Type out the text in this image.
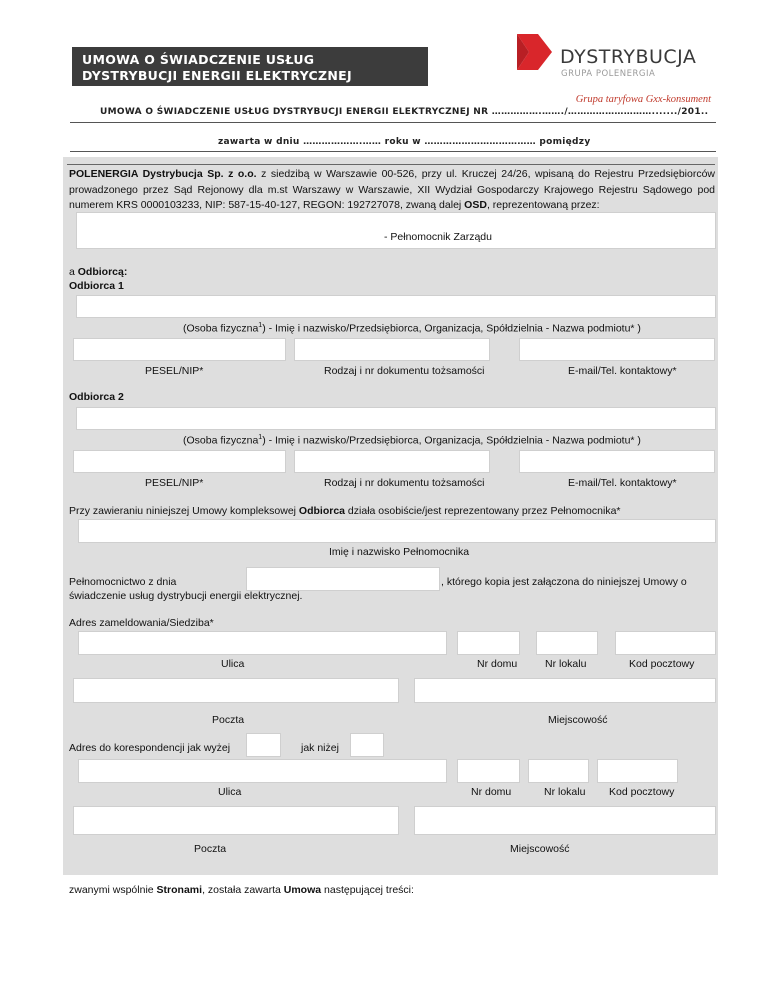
UMOWA O ŚWIADCZENIE USŁUG
DYSTRYBUCJI ENERGII ELEKTRYCZNEJ
DYSTRYBUCJA
GRUPA POLENERGIA
Grupa taryfowa Gxx-konsument
UMOWA O ŚWIADCZENIE USŁUG DYSTRYBUCJI ENERGII ELEKTRYCZNEJ NR …………….……./………………………......./201..
zawarta w dniu ……………….…… roku w ……………………………… pomiędzy
POLENERGIA Dystrybucja Sp. z o.o. z siedzibą w Warszawie 00-526, przy ul. Kruczej 24/26, wpisaną do Rejestru Przedsiębiorców prowadzonego przez Sąd Rejonowy dla m.st Warszawy w Warszawie, XII Wydział Gospodarczy Krajowego Rejestru Sądowego pod numerem KRS 0000103233, NIP: 587-15-40-127, REGON: 192727078, zwaną dalej OSD, reprezentowaną przez:
- Pełnomocnik Zarządu
a Odbiorcą:
Odbiorca 1
(Osoba fizyczna$^1$) - Imię i nazwisko/Przedsiębiorca, Organizacja, Spółdzielnia - Nazwa podmiotu* )
PESEL/NIP*	Rodzaj i nr dokumentu tożsamości	E-mail/Tel. kontaktowy*
Odbiorca 2
(Osoba fizyczna$^1$) - Imię i nazwisko/Przedsiębiorca, Organizacja, Spółdzielnia - Nazwa podmiotu* )
PESEL/NIP*	Rodzaj i nr dokumentu tożsamości	E-mail/Tel. kontaktowy*
Przy zawieraniu niniejszej Umowy kompleksowej Odbiorca działa osobiście/jest reprezentowany przez Pełnomocnika*
Imię i nazwisko Pełnomocnika
Pełnomocnictwo z dnia	, którego kopia jest załączona do niniejszej Umowy o
świadczenie usług dystrybucji energii elektrycznej.
Adres zameldowania/Siedziba*
Ulica	Nr domu	Nr lokalu	Kod pocztowy
Poczta	Miejscowość
Adres do korespondencji jak wyżej	jak niżej
Ulica	Nr domu	Nr lokalu Kod pocztowy
Poczta	Miejscowość
zwanymi wspólnie Stronami, została zawarta Umowa następującej treści:
